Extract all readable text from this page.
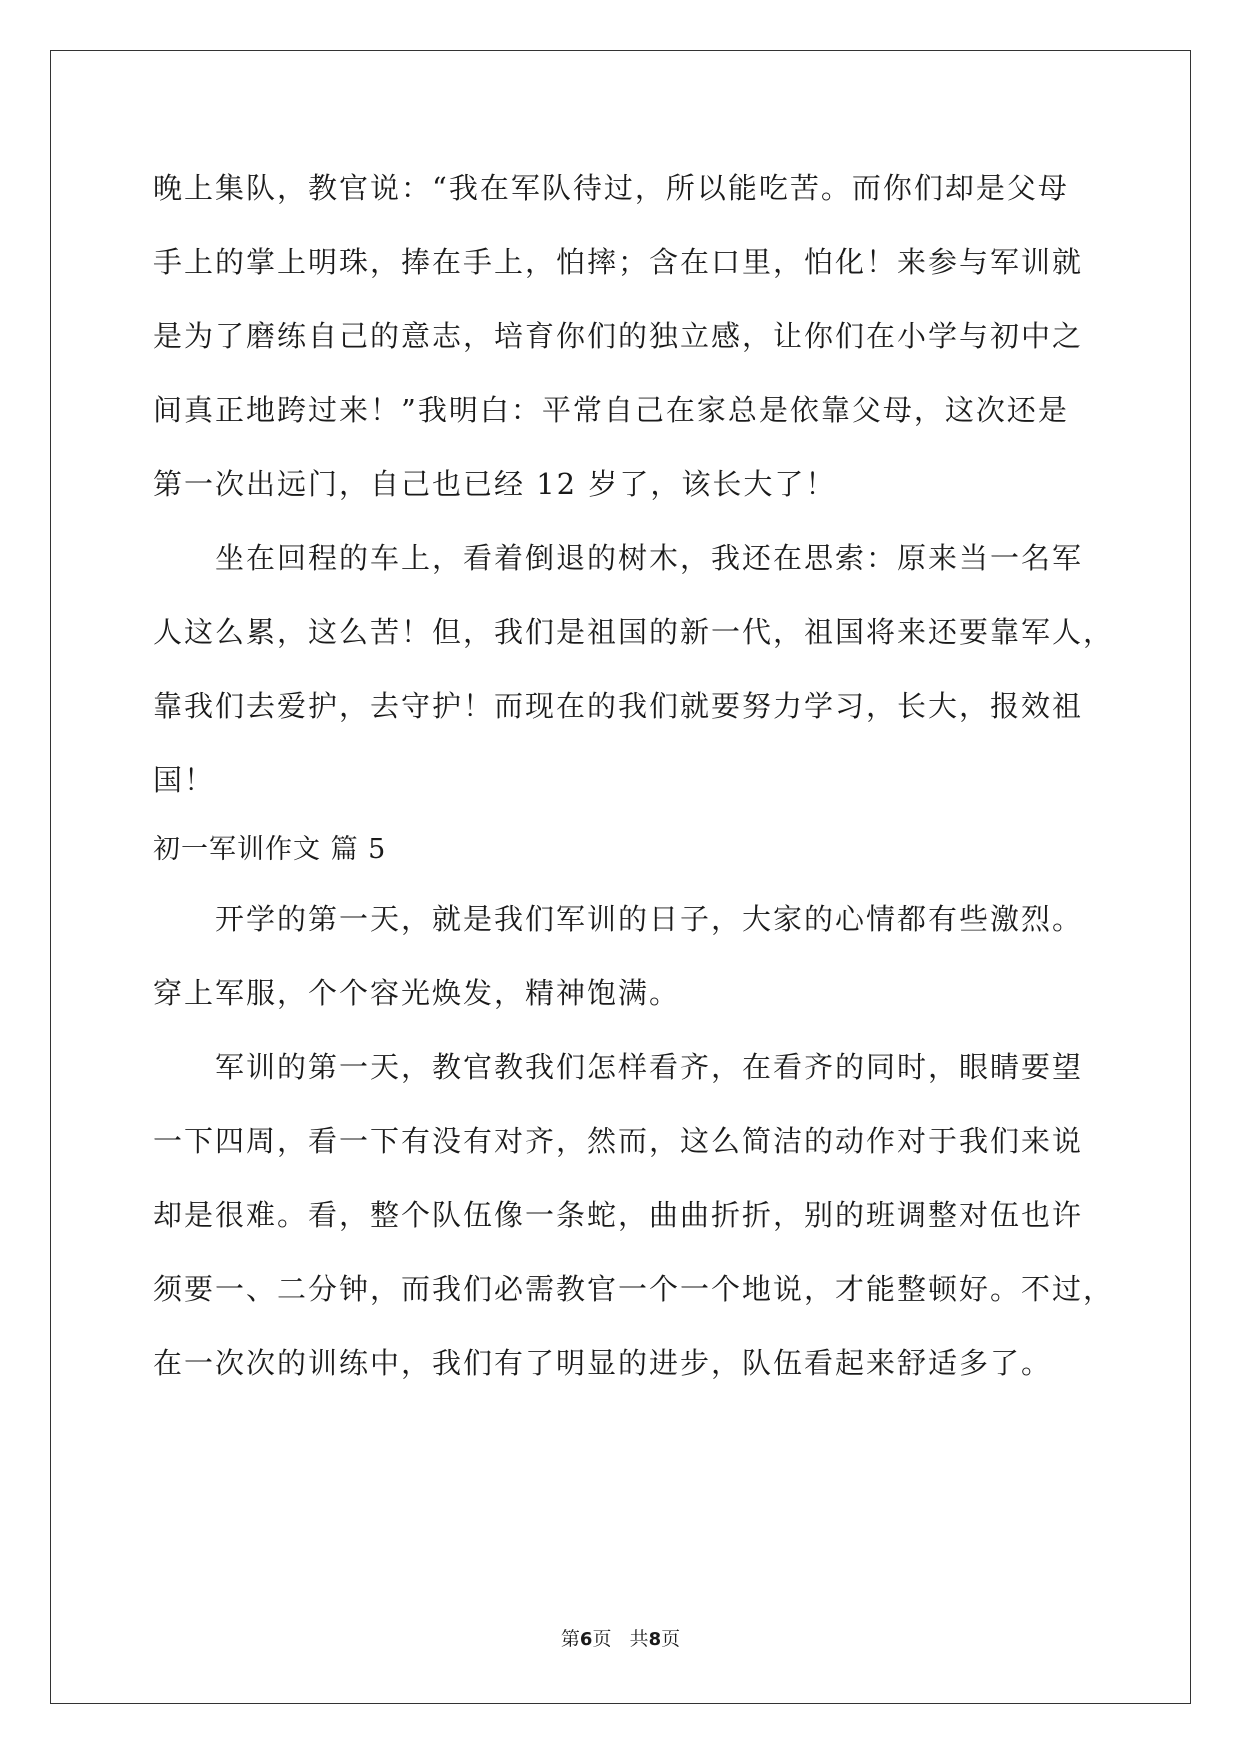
晚上集队，教官说：“我在军队待过，所以能吃苦。而你们却是父母
手上的掌上明珠，捧在手上，怕摔；含在口里，怕化！来参与军训就
是为了磨练自己的意志，培育你们的独立感，让你们在小学与初中之
间真正地跨过来！”我明白：平常自己在家总是依靠父母，这次还是
第一次出远门，自己也已经 12 岁了，该长大了！
　　坐在回程的车上，看着倒退的树木，我还在思索：原来当一名军
人这么累，这么苦！但，我们是祖国的新一代，祖国将来还要靠军人，
靠我们去爱护，去守护！而现在的我们就要努力学习，长大，报效祖
国！
初一军训作文 篇 5
　　开学的第一天，就是我们军训的日子，大家的心情都有些激烈。
穿上军服，个个容光焕发，精神饱满。
　　军训的第一天，教官教我们怎样看齐，在看齐的同时，眼睛要望
一下四周，看一下有没有对齐，然而，这么简洁的动作对于我们来说
却是很难。看，整个队伍像一条蛇，曲曲折折，别的班调整对伍也许
须要一、二分钟，而我们必需教官一个一个地说，才能整顿好。不过，
在一次次的训练中，我们有了明显的进步，队伍看起来舒适多了。
第6页   共8页
